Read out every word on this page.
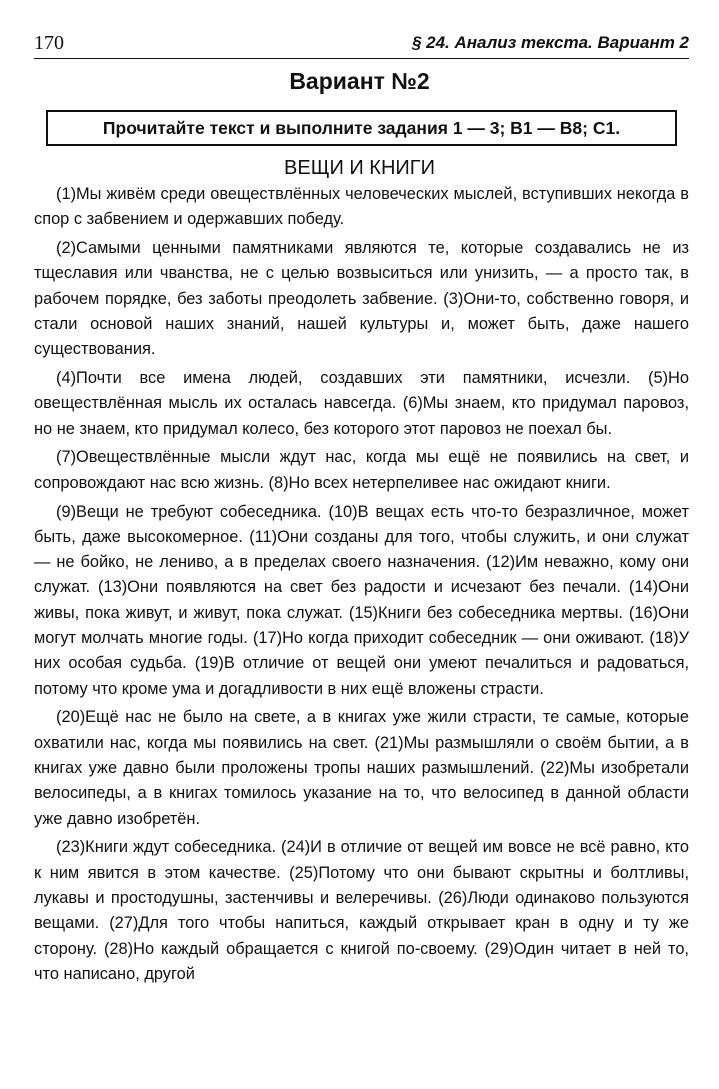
170	§ 24. Анализ текста. Вариант 2
Вариант №2
Прочитайте текст и выполните задания 1 — 3; В1 — В8; С1.
ВЕЩИ И КНИГИ

(1)Мы живём среди овеществлённых человеческих мыслей, вступивших некогда в спор с забвением и одержавших победу.

(2)Самыми ценными памятниками являются те, которые создавались не из тщеславия или чванства, не с целью возвыситься или унизить, — а просто так, в рабочем порядке, без заботы преодолеть забвение. (3)Они-то, собственно говоря, и стали основой наших знаний, нашей культуры и, может быть, даже нашего существования.

(4)Почти все имена людей, создавших эти памятники, исчезли. (5)Но овеществлённая мысль их осталась навсегда. (6)Мы знаем, кто придумал паровоз, но не знаем, кто придумал колесо, без которого этот паровоз не поехал бы.

(7)Овеществлённые мысли ждут нас, когда мы ещё не появились на свет, и сопровождают нас всю жизнь. (8)Но всех нетерпеливее нас ожидают книги.

(9)Вещи не требуют собеседника. (10)В вещах есть что-то безразличное, может быть, даже высокомерное. (11)Они созданы для того, чтобы служить, и они служат — не бойко, не лениво, а в пределах своего назначения. (12)Им неважно, кому они служат. (13)Они появляются на свет без радости и исчезают без печали. (14)Они живы, пока живут, и живут, пока служат. (15)Книги без собеседника мертвы. (16)Они могут молчать многие годы. (17)Но когда приходит собеседник — они оживают. (18)У них особая судьба. (19)В отличие от вещей они умеют печалиться и радоваться, потому что кроме ума и догадливости в них ещё вложены страсти.

(20)Ещё нас не было на свете, а в книгах уже жили страсти, те самые, которые охватили нас, когда мы появились на свет. (21)Мы размышляли о своём бытии, а в книгах уже давно были проложены тропы наших размышлений. (22)Мы изобретали велосипеды, а в книгах томилось указание на то, что велосипед в данной области уже давно изобретён.

(23)Книги ждут собеседника. (24)И в отличие от вещей им вовсе не всё равно, кто к ним явится в этом качестве. (25)Потому что они бывают скрытны и болтливы, лукавы и простодушны, застенчивы и велеречивы. (26)Люди одинаково пользуются вещами. (27)Для того чтобы напиться, каждый открывает кран в одну и ту же сторону. (28)Но каждый обращается с книгой по-своему. (29)Один читает в ней то, что написано, другой
